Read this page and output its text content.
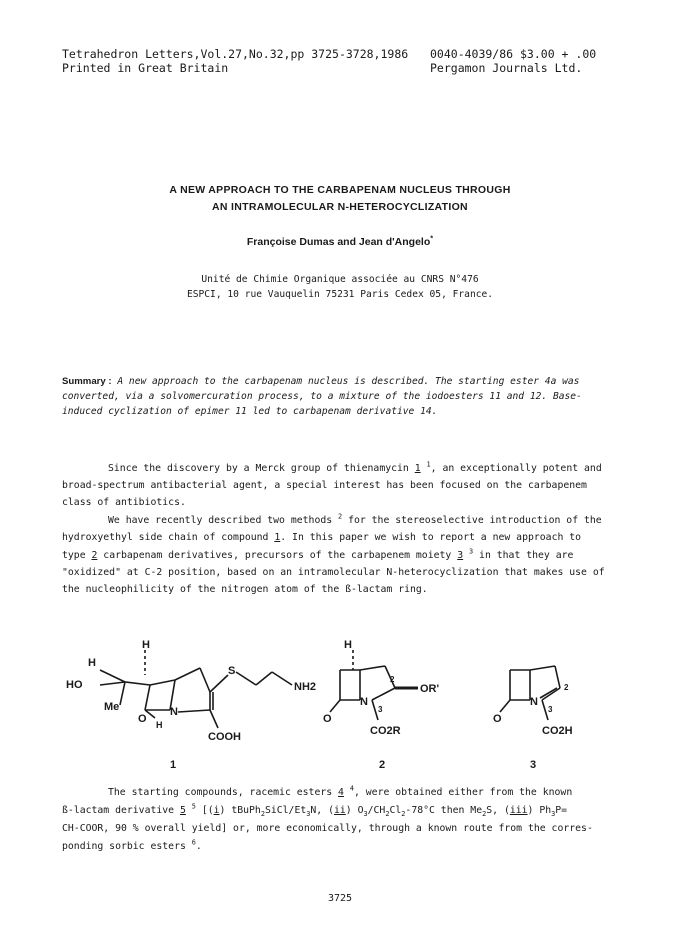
Tetrahedron Letters,Vol.27,No.32,pp 3725-3728,1986
Printed in Great Britain
0040-4039/86 $3.00 + .00
Pergamon Journals Ltd.
A NEW APPROACH TO THE CARBAPENAM NUCLEUS THROUGH
AN INTRAMOLECULAR N-HETEROCYCLIZATION
Françoise Dumas and Jean d'Angelo*
Unité de Chimie Organique associée au CNRS N°476
ESPCI, 10 rue Vauquelin 75231 Paris Cedex 05, France.
Summary : A new approach to the carbapenam nucleus is described. The starting ester 4a was
converted, via a solvomercuration process, to a mixture of the iodoesters 11 and 12. Base-
induced cyclization of epimer 11 led to carbapenam derivative 14.
Since the discovery by a Merck group of thienamycin 1 $^1$, an exceptionally potent and
broad-spectrum antibacterial agent, a special interest has been focused on the carbapenem
class of antibiotics.
We have recently described two methods $^2$ for the stereoselective introduction of the
hydroxyethyl side chain of compound 1. In this paper we wish to report a new approach to
type 2 carbapenam derivatives, precursors of the carbapenem moiety 3 $^3$ in that they are
"oxidized" at C-2 position, based on an intramolecular N-heterocyclization that makes use of
the nucleophilicity of the nitrogen atom of the ß-lactam ring.
H
H
HO
Me
O H
N
S
NH2
COOH
H
O
N
2
3
OR'
CO2R
O
N
2
3
CO2H
1	2	3
The starting compounds, racemic esters 4 $^4$, were obtained either from the known
ß-lactam derivative 5 $^5$ [(i) $tBuPh_2SiCl/Et_3N$, (ii) $O_3/CH_2Cl_2-78^\circ C$ then $Me_2S$, (iii) $Ph_3P=$
CH-COOR, 90 % overall yield] or, more economically, through a known route from the corres-
ponding sorbic esters $^6$.
3725
